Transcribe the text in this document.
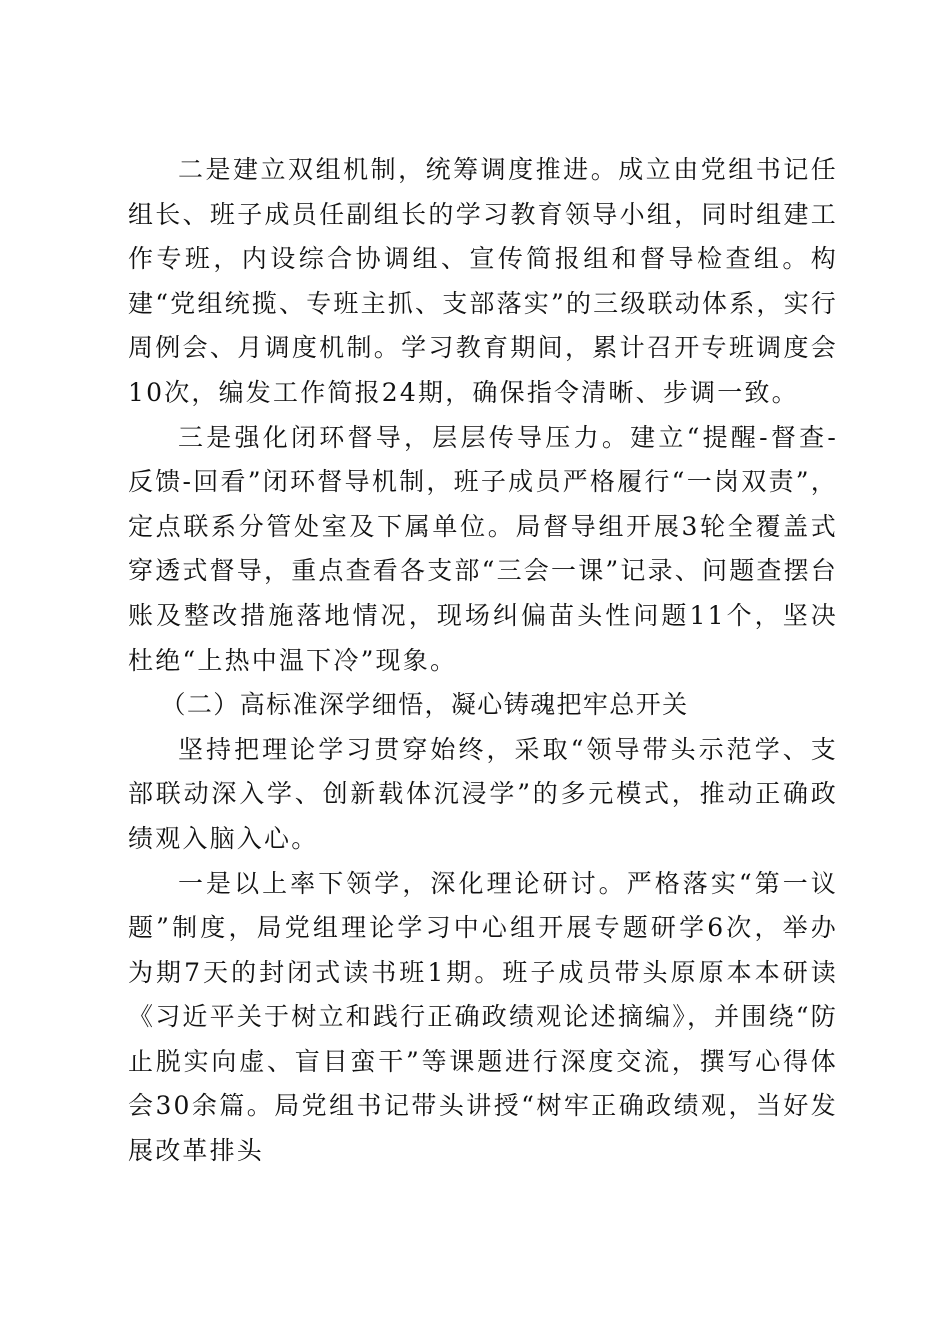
二是建立双组机制，统筹调度推进。成立由党组书记任组长、班子成员任副组长的学习教育领导小组，同时组建工作专班，内设综合协调组、宣传简报组和督导检查组。构建“党组统揽、专班主抓、支部落实”的三级联动体系，实行周例会、月调度机制。学习教育期间，累计召开专班调度会10次，编发工作简报24期，确保指令清晰、步调一致。

三是强化闭环督导，层层传导压力。建立“提醒-督查-反馈-回看”闭环督导机制，班子成员严格履行“一岗双责”，定点联系分管处室及下属单位。局督导组开展3轮全覆盖式穿透式督导，重点查看各支部“三会一课”记录、问题查摆台账及整改措施落地情况，现场纠偏苗头性问题11个，坚决杜绝“上热中温下冷”现象。

（二）高标准深学细悟，凝心铸魂把牢总开关

坚持把理论学习贯穿始终，采取“领导带头示范学、支部联动深入学、创新载体沉浸学”的多元模式，推动正确政绩观入脑入心。

一是以上率下领学，深化理论研讨。严格落实“第一议题”制度，局党组理论学习中心组开展专题研学6次，举办为期7天的封闭式读书班1期。班子成员带头原原本本研读《习近平关于树立和践行正确政绩观论述摘编》，并围绕“防止脱实向虚、盲目蛮干”等课题进行深度交流，撰写心得体会30余篇。局党组书记带头讲授“树牢正确政绩观，当好发展改革排头
